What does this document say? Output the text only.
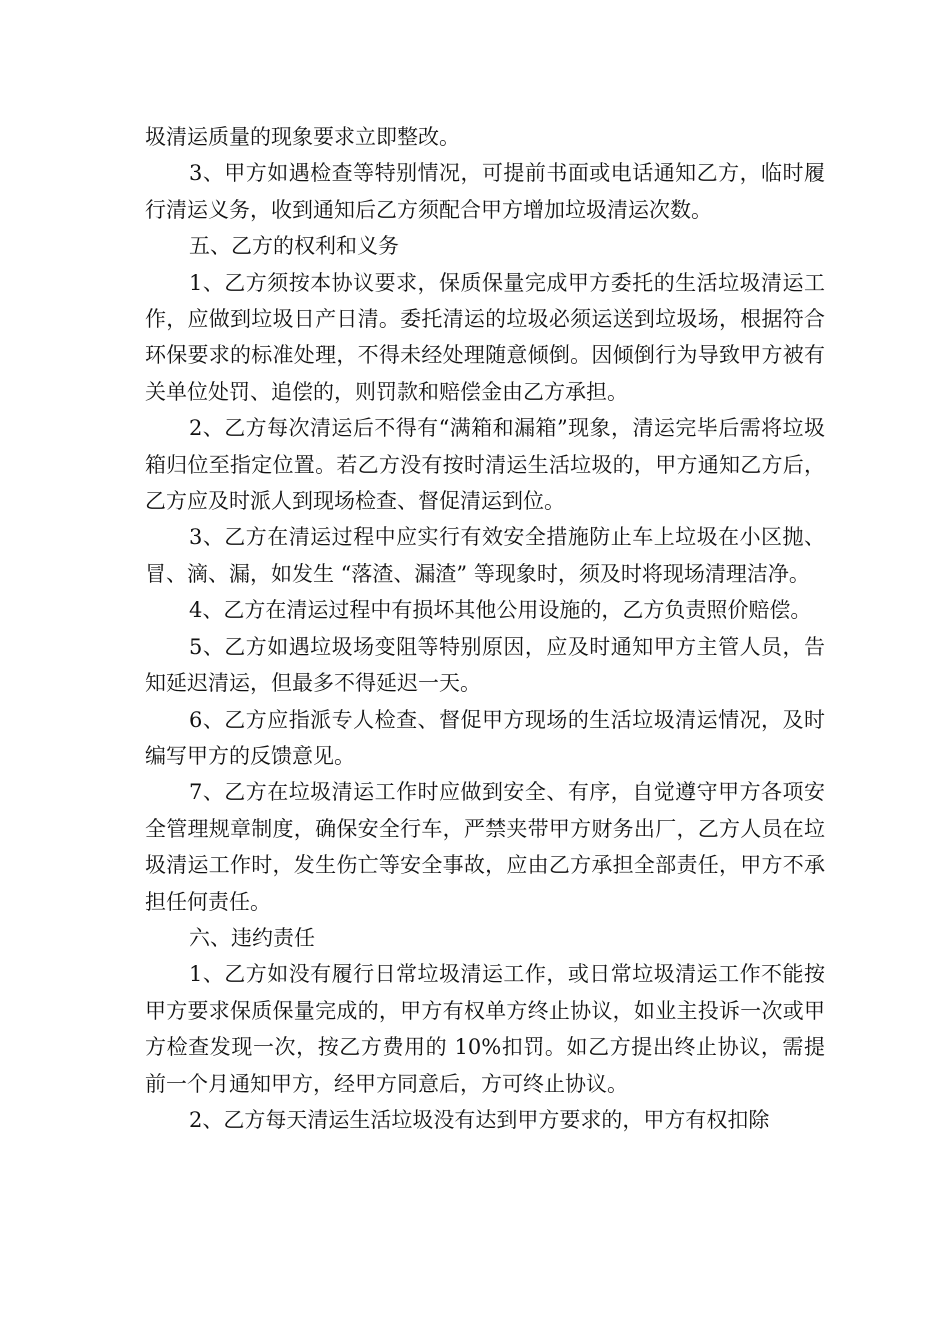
圾清运质量的现象要求立即整改。

3、甲方如遇检查等特别情况，可提前书面或电话通知乙方，临时履行清运义务，收到通知后乙方须配合甲方增加垃圾清运次数。

五、乙方的权利和义务

1、乙方须按本协议要求，保质保量完成甲方委托的生活垃圾清运工作，应做到垃圾日产日清。委托清运的垃圾必须运送到垃圾场，根据符合环保要求的标准处理，不得未经处理随意倾倒。因倾倒行为导致甲方被有关单位处罚、追偿的，则罚款和赔偿金由乙方承担。

2、乙方每次清运后不得有“满箱和漏箱”现象，清运完毕后需将垃圾箱归位至指定位置。若乙方没有按时清运生活垃圾的，甲方通知乙方后，乙方应及时派人到现场检查、督促清运到位。

3、乙方在清运过程中应实行有效安全措施防止车上垃圾在小区抛、冒、滴、漏，如发生 “落渣、漏渣” 等现象时，须及时将现场清理洁净。

4、乙方在清运过程中有损坏其他公用设施的，乙方负责照价赔偿。

5、乙方如遇垃圾场变阻等特别原因，应及时通知甲方主管人员，告知延迟清运，但最多不得延迟一天。

6、乙方应指派专人检查、督促甲方现场的生活垃圾清运情况，及时编写甲方的反馈意见。

7、乙方在垃圾清运工作时应做到安全、有序，自觉遵守甲方各项安全管理规章制度，确保安全行车，严禁夹带甲方财务出厂，乙方人员在垃圾清运工作时，发生伤亡等安全事故，应由乙方承担全部责任，甲方不承担任何责任。

六、违约责任

1、乙方如没有履行日常垃圾清运工作，或日常垃圾清运工作不能按甲方要求保质保量完成的，甲方有权单方终止协议，如业主投诉一次或甲方检查发现一次，按乙方费用的 10%扣罚。如乙方提出终止协议，需提前一个月通知甲方，经甲方同意后，方可终止协议。

2、乙方每天清运生活垃圾没有达到甲方要求的，甲方有权扣除
